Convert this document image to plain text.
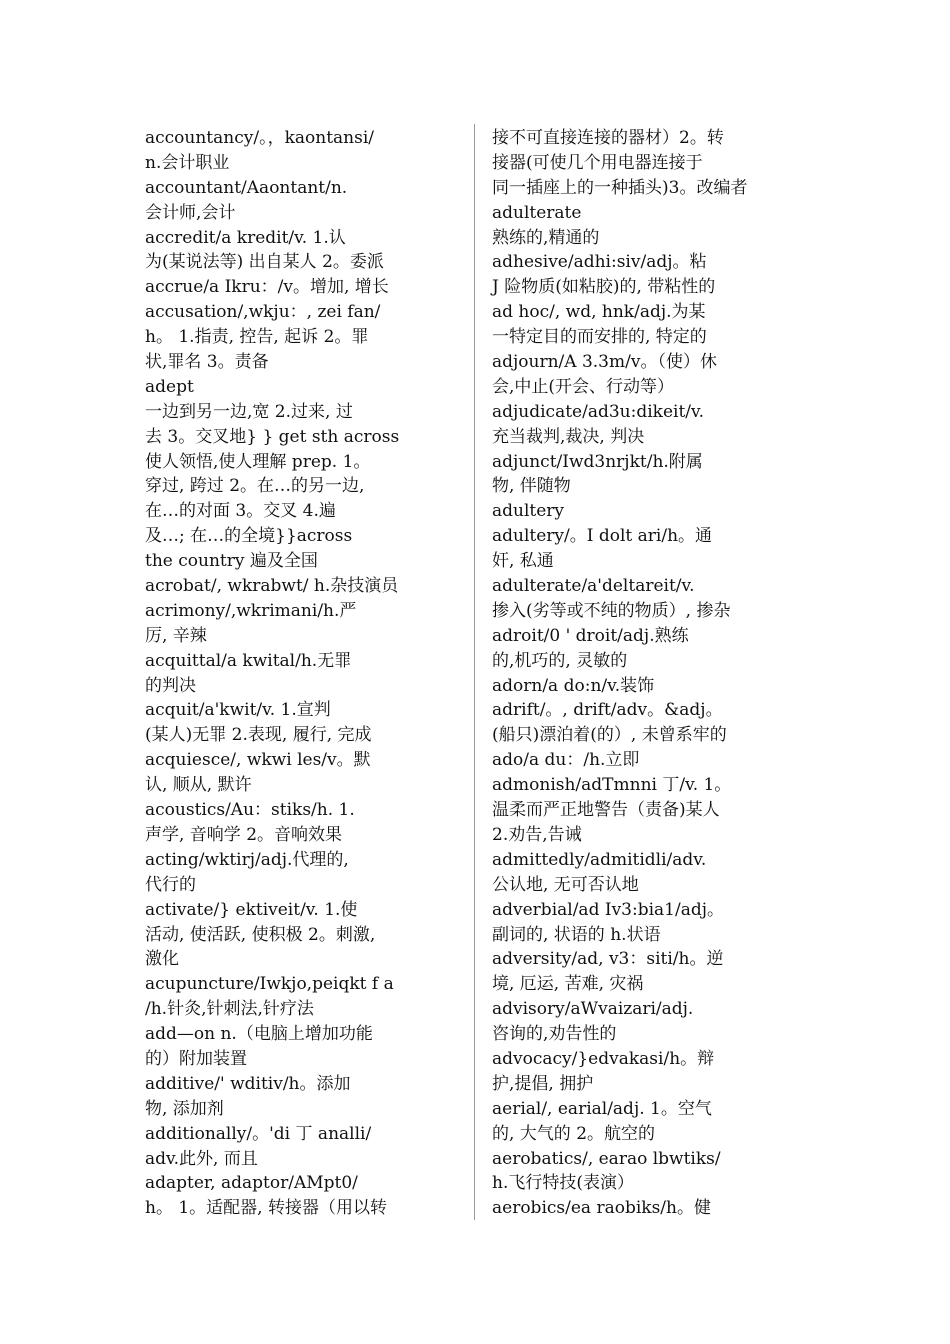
accountancy/。，kaontansi/
n.会计职业
accountant/Aaontant/n.
会计师,会计
accredit/a kredit/v. 1.认
为(某说法等) 出自某人 2。委派
accrue/a Ikru：/v。增加, 增长
accusation/,wkju：, zei fan/
h。 1.指责, 控告, 起诉 2。罪
状,罪名 3。责备
adept
一边到另一边,宽 2.过来, 过
去 3。交叉地} } get sth across
使人领悟,使人理解 prep. 1。
穿过, 跨过 2。在…的另一边,
在…的对面 3。交叉 4.遍
及…; 在…的全境}}across
the country 遍及全国
acrobat/, wkrabwt/ h.杂技演员
acrimony/,wkrimani/h.严
厉, 辛辣
acquittal/a kwital/h.无罪
的判决
acquit/a'kwit/v. 1.宣判
(某人)无罪 2.表现, 履行, 完成
acquiesce/, wkwi les/v。默
认, 顺从, 默许
acoustics/Au：stiks/h. 1.
声学, 音响学 2。音响效果
acting/wktirj/adj.代理的,
代行的
activate/} ektiveit/v. 1.使
活动, 使活跃, 使积极 2。刺激,
激化
acupuncture/Iwkjo,peiqkt f a
/h.针灸,针刺法,针疗法
add—on n.（电脑上增加功能
的）附加装置
additive/' wditiv/h。添加
物, 添加剂
additionally/。'di 丁 analli/
adv.此外, 而且
adapter, adaptor/AMpt0/
h。 1。适配器, 转接器（用以转
接不可直接连接的器材）2。转
接器(可使几个用电器连接于
同一插座上的一种插头)3。改编者
adulterate
熟练的,精通的
adhesive/adhi:siv/adj。粘
J 险物质(如粘胶)的, 带粘性的
ad hoc/, wd, hnk/adj.为某
一特定目的而安排的, 特定的
adjourn/A 3.3m/v。（使）休
会,中止(开会、行动等）
adjudicate/ad3u:dikeit/v.
充当裁判,裁决, 判决
adjunct/Iwd3nrjkt/h.附属
物, 伴随物
adultery
adultery/。I dolt ari/h。通
奸, 私通
adulterate/a'deltareit/v.
掺入(劣等或不纯的物质）, 掺杂
adroit/0 ' droit/adj.熟练
的,机巧的, 灵敏的
adorn/a do:n/v.装饰
adrift/。, drift/adv。&adj。
(船只)漂泊着(的）, 未曾系牢的
ado/a du：/h.立即
admonish/adTmnni 丁/v. 1。
温柔而严正地警告（责备)某人
2.劝告,告诫
admittedly/admitidli/adv.
公认地, 无可否认地
adverbial/ad Iv3:bia1/adj。
副词的, 状语的 h.状语
adversity/ad, v3：siti/h。逆
境, 厄运, 苦难, 灾祸
advisory/aWvaizari/adj.
咨询的,劝告性的
advocacy/}edvakasi/h。辩
护,提倡, 拥护
aerial/, earial/adj. 1。空气
的, 大气的 2。航空的
aerobatics/, earao lbwtiks/
h.飞行特技(表演）
aerobics/ea raobiks/h。健
